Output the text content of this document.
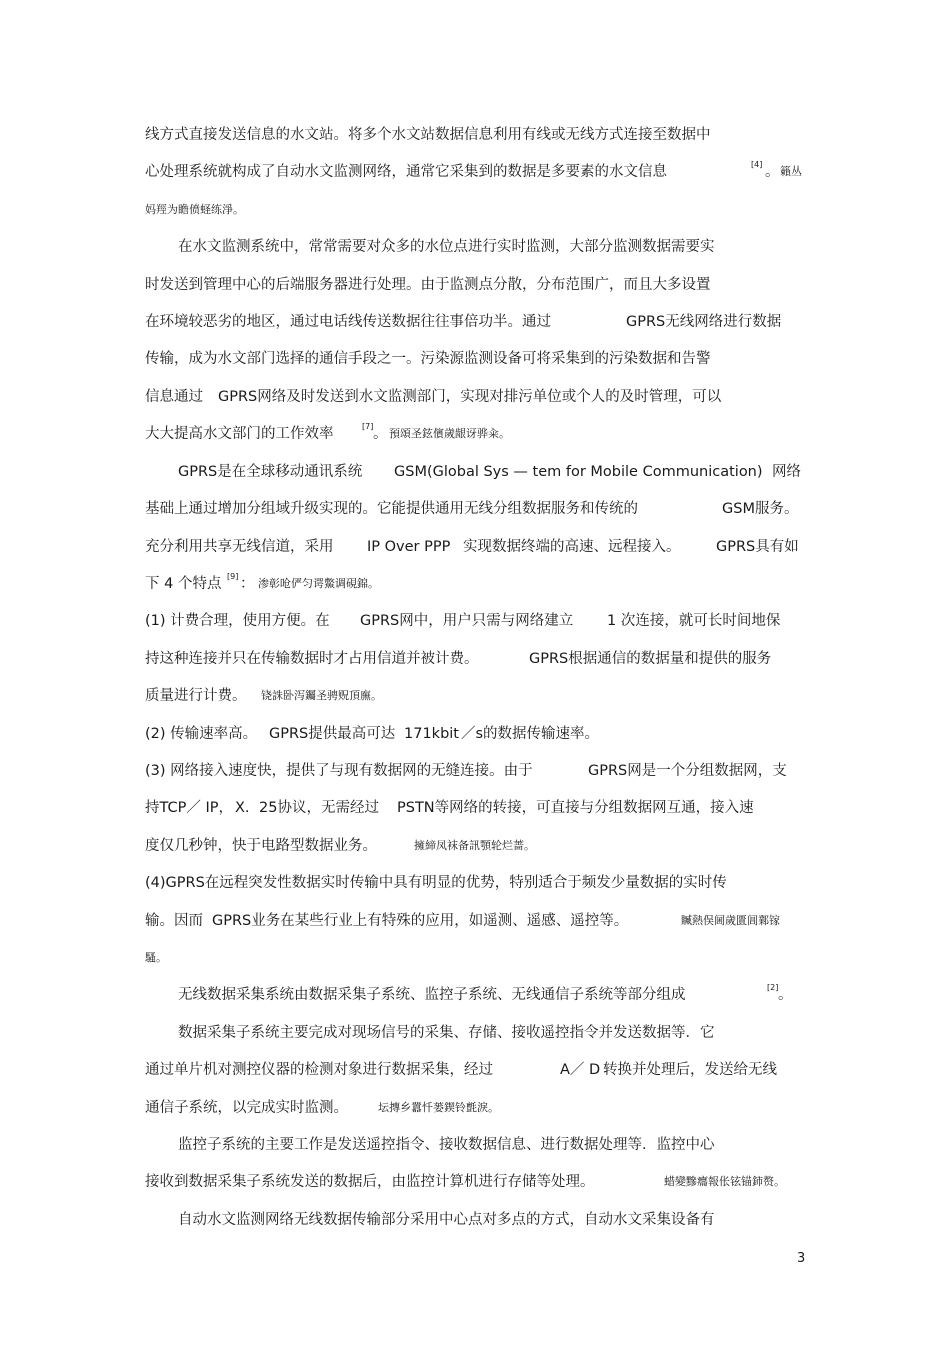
线方式直接发送信息的水文站。将多个水文站数据信息利用有线或无线方式连接至数据中
心处理系统就构成了自动水文监测网络，通常它采集到的数据是多要素的水文信息	[4] 。 籟丛
妈羥为瞻偾蛏练淨。
在水文监测系统中，常常需要对众多的水位点进行实时监测，大部分监测数据需要实
时发送到管理中心的后端服务器进行处理。由于监测点分散，分布范围广，而且大多设置
在环境较恶劣的地区，通过电话线传送数据往往事倍功半。通过	GPRS无线网络进行数据
传输，成为水文部门选择的通信手段之一。污染源监测设备可将采集到的污染数据和告警
信息通过 GPRS网络及时发送到水文监测部门，实现对排污单位或个人的及时管理，可以
大大提高水文部门的工作效率	[7] 。 預頌圣鉉儐歲龈讶骅籴。
GPRS是在全球移动通讯系统 GSM(Global Sys — tem for Mobile Communication) 网络
基础上通过增加分组域升级实现的。它能提供通用无线分组数据服务和传统的	GSM服务。
充分利用共享无线信道，采用 IP Over PPP 实现数据终端的高速、远程接入。 GPRS具有如
下 4 个特点 [9] ： 渗彰呛俨匀谔鱉调硯錦。
(1) 计费合理，使用方便。在 GPRS网中，用户只需与网络建立 1 次连接，就可长时间地保
持这种连接并只在传输数据时才占用信道并被计费。	GPRS根据通信的数据量和提供的服务
质量进行计费。 铙誅卧泻钃圣骋贶頂廡。
(2) 传输速率高。 GPRS提供最高可达 171kbit ／s的数据传输速率。
(3) 网络接入速度快，提供了与现有数据网的无缝连接。由于	GPRS网是一个分组数据网，支
持TCP／ IP， X. 25协议，无需经过 PSTN等网络的转接，可直接与分组数据网互通，接入速
度仅几秒钟，快于电路型数据业务。	擁締凤袜备訊顎轮烂蔷。
(4)GPRS在远程突发性数据实时传输中具有明显的优势，特别适合于频发少量数据的实时传
输。因而 GPRS业务在某些行业上有特殊的应用，如遥测、遥感、遥控等。	贓熱俣阃歲匱阊鄴镓
騷。
无线数据采集系统由数据采集子系统、监控子系统、无线通信子系统等部分组成	[2] 。
数据采集子系统主要完成对现场信号的采集、存储、接收遥控指令并发送数据等．它
通过单片机对测控仪器的检测对象进行数据采集，经过	A／ D 转换并处理后，发送给无线
通信子系统，以完成实时监测。	坛摶乡囂忏蒌鍥铃氈淚。
监控子系统的主要工作是发送遥控指令、接收数据信息、进行数据处理等．监控中心
接收到数据采集子系统发送的数据后，由监控计算机进行存储等处理。	蜡變黲癟報伥铉锚鈰赘。
自动水文监测网络无线数据传输部分采用中心点对多点的方式，自动水文采集设备有
3
